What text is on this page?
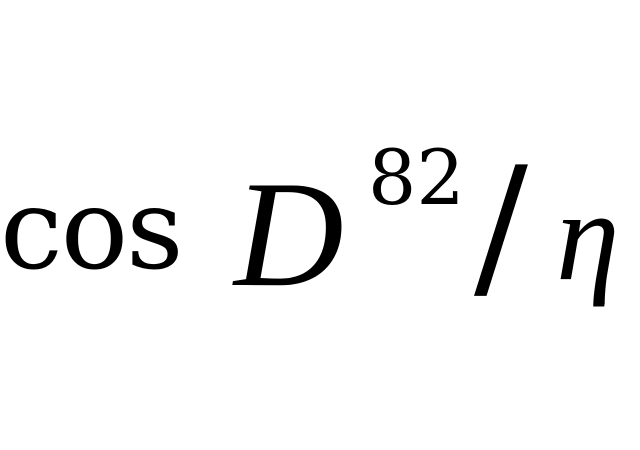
cos D 82 / η
